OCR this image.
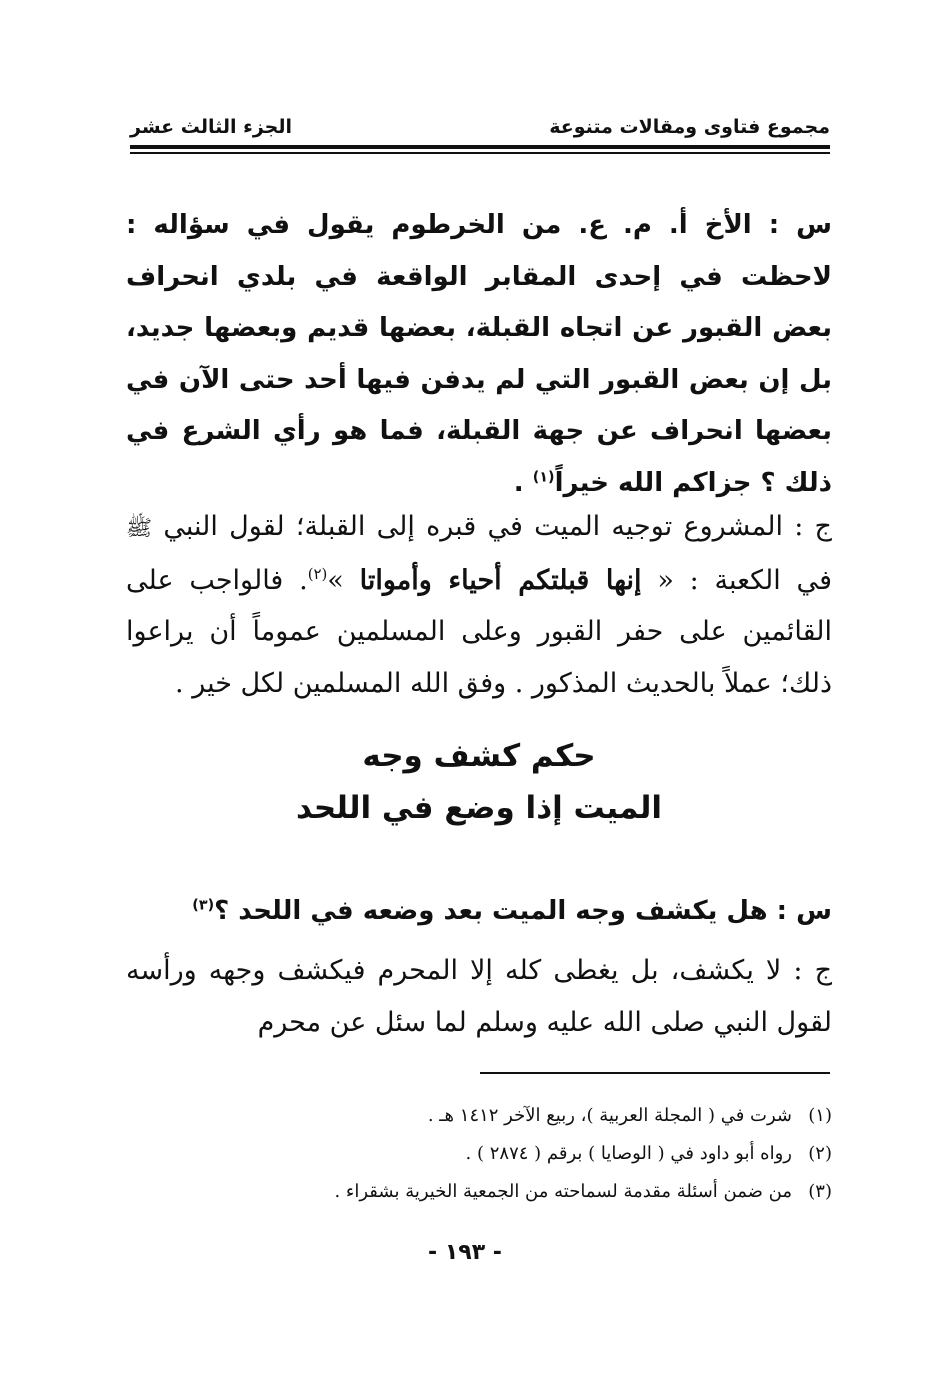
مجموع فتاوى ومقالات متنوعة
الجزء الثالث عشر

س : الأخ أ. م. ع. من الخرطوم يقول في سؤاله : لاحظت في إحدى المقابر الواقعة في بلدي انحراف بعض القبور عن اتجاه القبلة، بعضها قديم وبعضها جديد، بل إن بعض القبور التي لم يدفن فيها أحد حتى الآن في بعضها انحراف عن جهة القبلة، فما هو رأي الشرع في ذلك ؟ جزاكم الله خيراً$^{(١)}$ .

ج : المشروع توجيه الميت في قبره إلى القبلة؛ لقول النبي ﷺ في الكعبة : « إنها قبلتكم أحياء وأمواتا »$^{(٢)}$. فالواجب على القائمين على حفر القبور وعلى المسلمين عموماً أن يراعوا ذلك؛ عملاً بالحديث المذكور . وفق الله المسلمين لكل خير .

حكم كشف وجه
الميت إذا وضع في اللحد

س : هل يكشف وجه الميت بعد وضعه في اللحد ؟$^{(٣)}$

ج : لا يكشف، بل يغطى كله إلا المحرم فيكشف وجهه ورأسه لقول النبي صلى الله عليه وسلم لما سئل عن محرم

(١)شرت في ( المجلة العربية )، ربيع الآخر ١٤١٢ هـ .
(٢)رواه أبو داود في ( الوصايا ) برقم ( ٢٨٧٤ ) .
(٣)من ضمن أسئلة مقدمة لسماحته من الجمعية الخيرية بشقراء .
- ١٩٣ -
